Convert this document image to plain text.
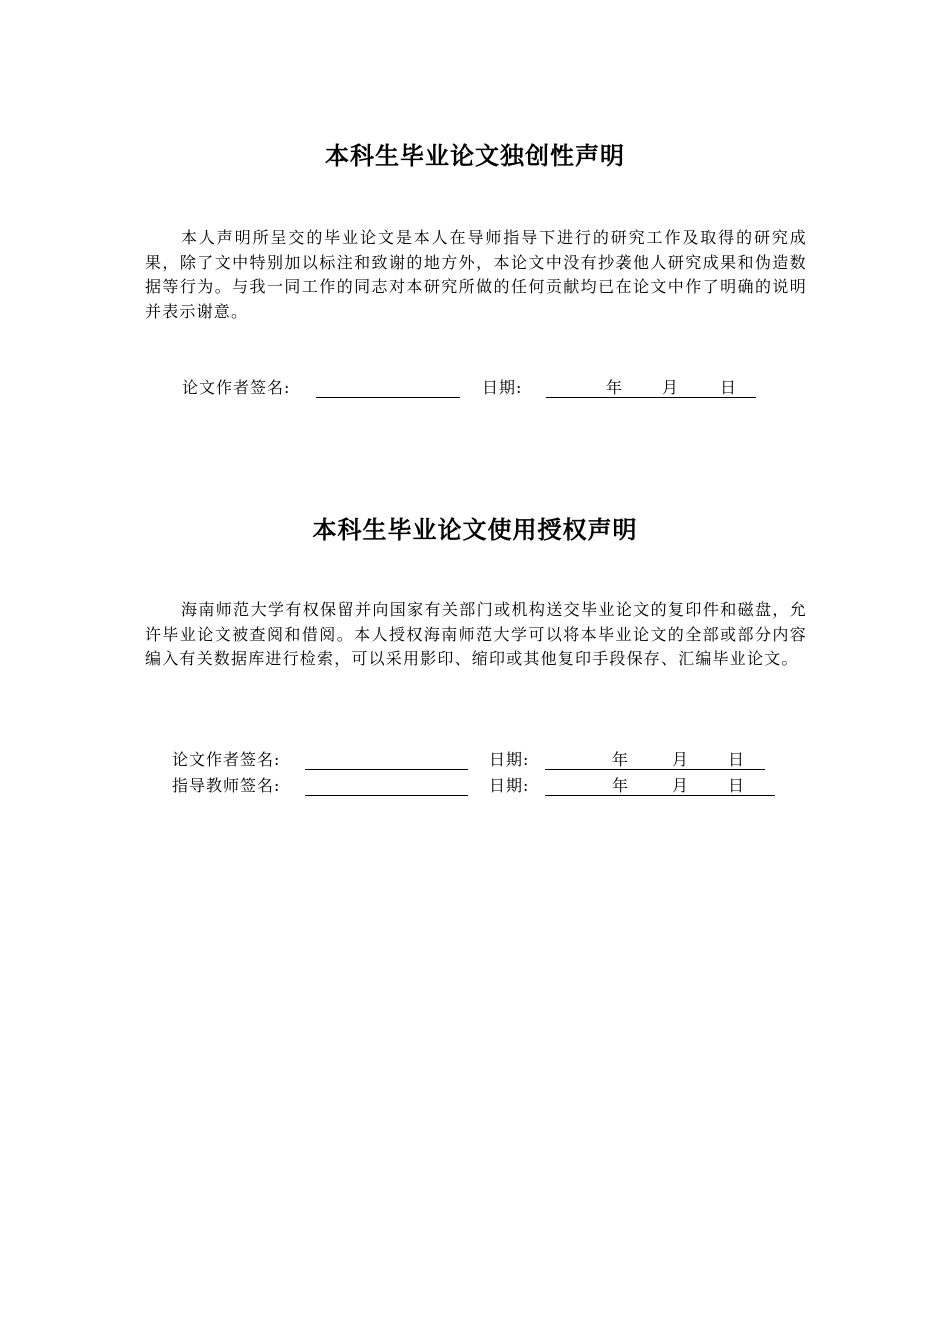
本科生毕业论文独创性声明
本人声明所呈交的毕业论文是本人在导师指导下进行的研究工作及取得的研究成果，除了文中特别加以标注和致谢的地方外，本论文中没有抄袭他人研究成果和伪造数据等行为。与我一同工作的同志对本研究所做的任何贡献均已在论文中作了明确的说明并表示谢意。
论文作者签名:	日期:	年 月	日
本科生毕业论文使用授权声明
海南师范大学有权保留并向国家有关部门或机构送交毕业论文的复印件和磁盘，允许毕业论文被查阅和借阅。本人授权海南师范大学可以将本毕业论文的全部或部分内容编入有关数据库进行检索，可以采用影印、缩印或其他复印手段保存、汇编毕业论文。
论文作者签名:	日期:	年	月 日
指导教师签名:	日期:	年	月 日
